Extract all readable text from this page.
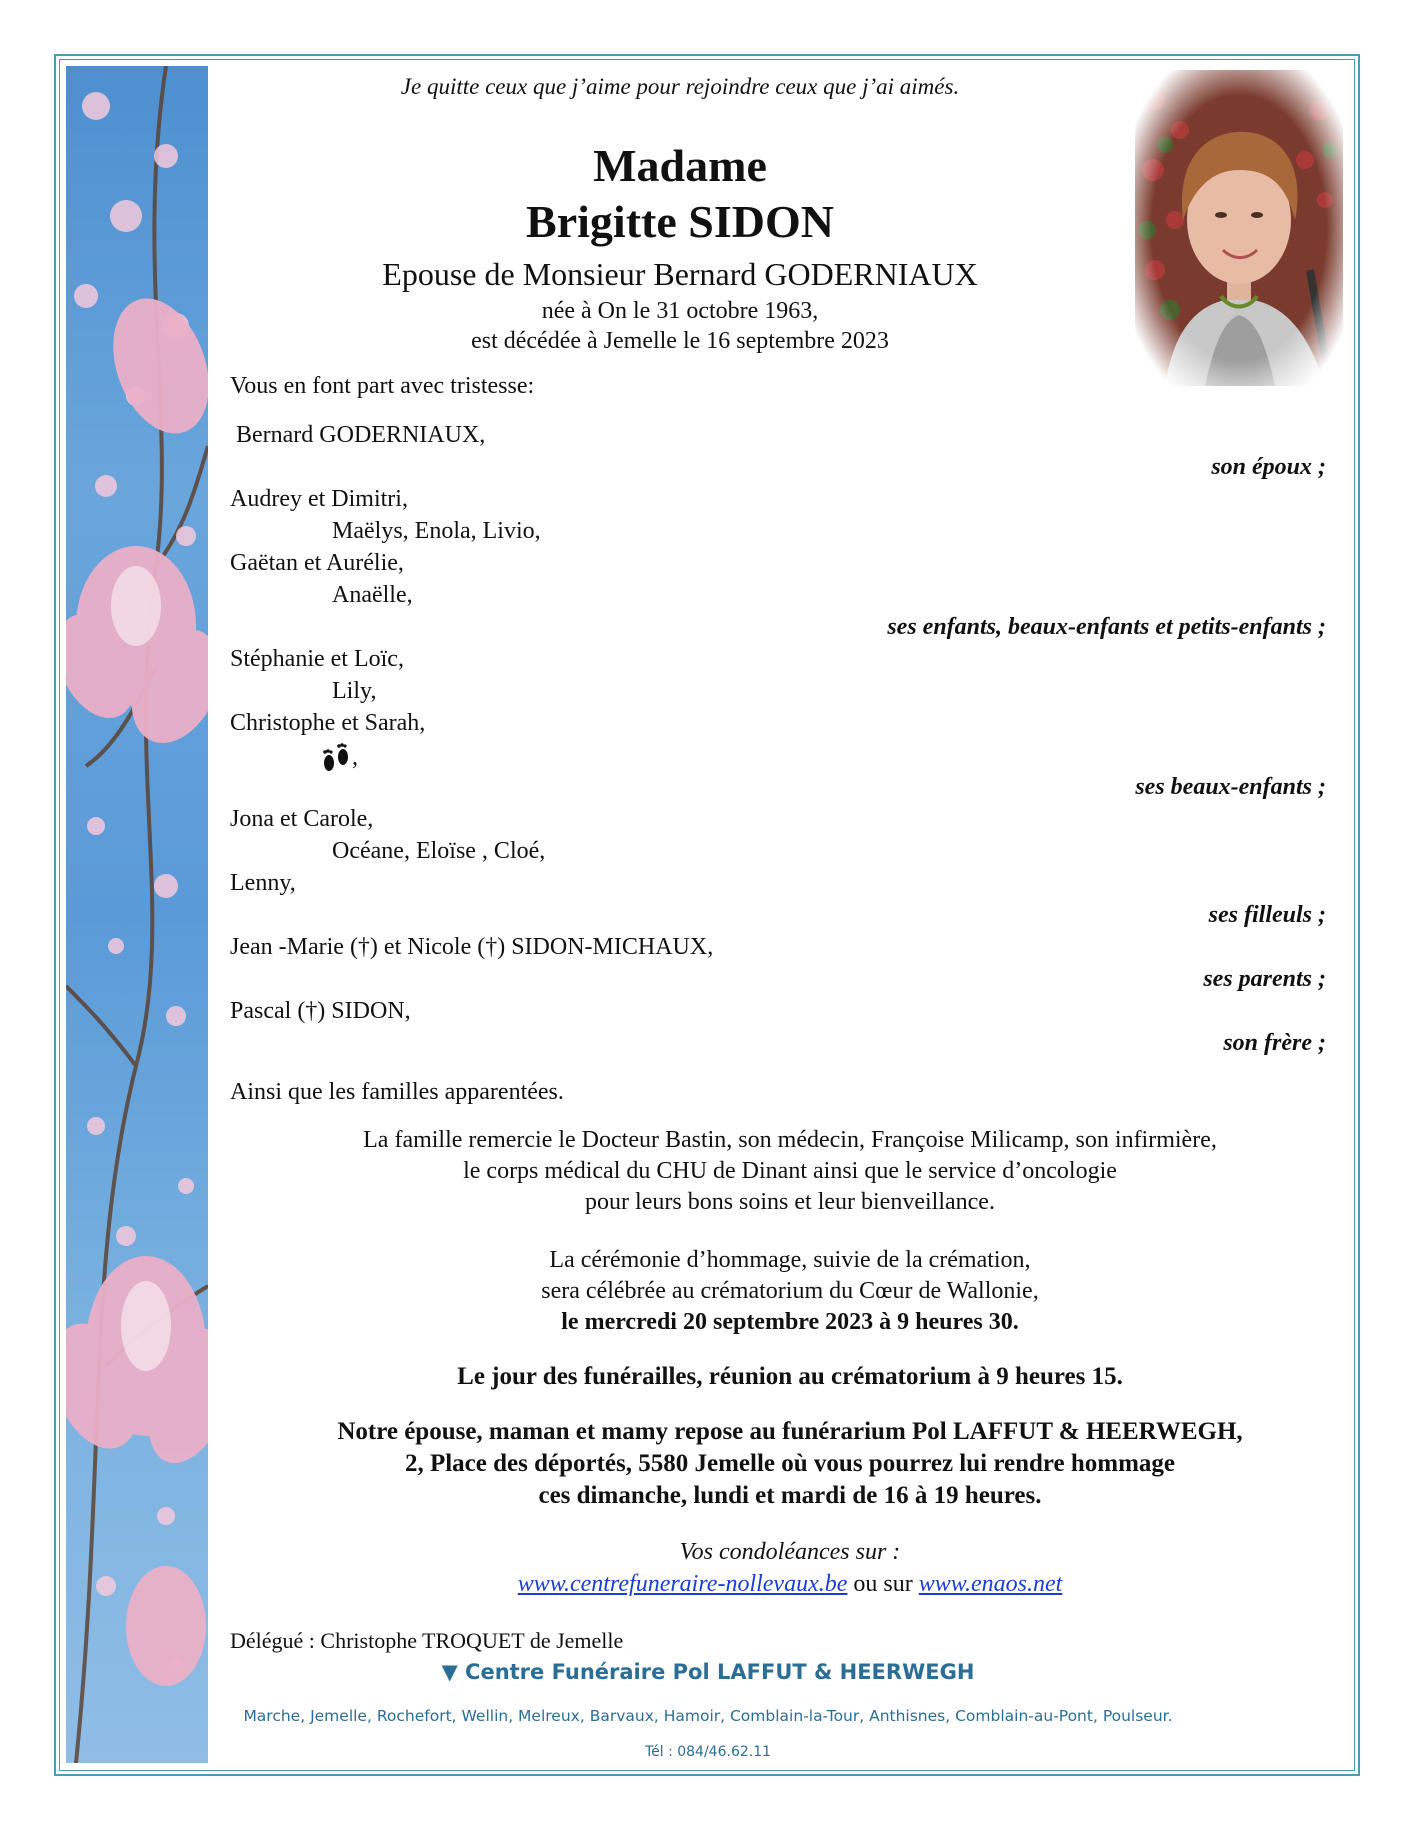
Je quitte ceux que j’aime pour rejoindre ceux que j’ai aimés.
Madame
Brigitte SIDON
Epouse de Monsieur Bernard GODERNIAUX
née à On le 31 octobre 1963,
est décédée à Jemelle le 16 septembre 2023
Vous en font part avec tristesse:
Bernard GODERNIAUX,
son époux ;
Audrey et Dimitri,
Maëlys, Enola, Livio,
Gaëtan et Aurélie,
Anaëlle,
ses enfants, beaux-enfants et petits-enfants ;
Stéphanie et Loïc,
Lily,
Christophe et Sarah,
,
ses beaux-enfants ;
Jona et Carole,
Océane, Eloïse , Cloé,
Lenny,
ses filleuls ;
Jean -Marie (†) et Nicole (†) SIDON-MICHAUX,
ses parents ;
Pascal (†) SIDON,
son frère ;
Ainsi que les familles apparentées.
La famille remercie le Docteur Bastin, son médecin, Françoise Milicamp, son infirmière,
le corps médical du CHU de Dinant ainsi que le service d’oncologie
pour leurs bons soins et leur bienveillance.
La cérémonie d’hommage, suivie de la crémation,
sera célébrée au crématorium du Cœur de Wallonie,
le mercredi 20 septembre 2023 à 9 heures 30.
Le jour des funérailles, réunion au crématorium à 9 heures 15.
Notre épouse, maman et mamy repose au funérarium Pol LAFFUT & HEERWEGH,
2, Place des déportés, 5580 Jemelle où vous pourrez lui rendre hommage
ces dimanche, lundi et mardi de 16 à 19 heures.
Vos condoléances sur :
www.centrefuneraire-nollevaux.be ou sur www.enaos.net
Délégué : Christophe TROQUET de Jemelle
▼ Centre Funéraire Pol LAFFUT & HEERWEGH
Marche, Jemelle, Rochefort, Wellin, Melreux, Barvaux, Hamoir, Comblain-la-Tour, Anthisnes, Comblain-au-Pont, Poulseur.
Tél : 084/46.62.11
